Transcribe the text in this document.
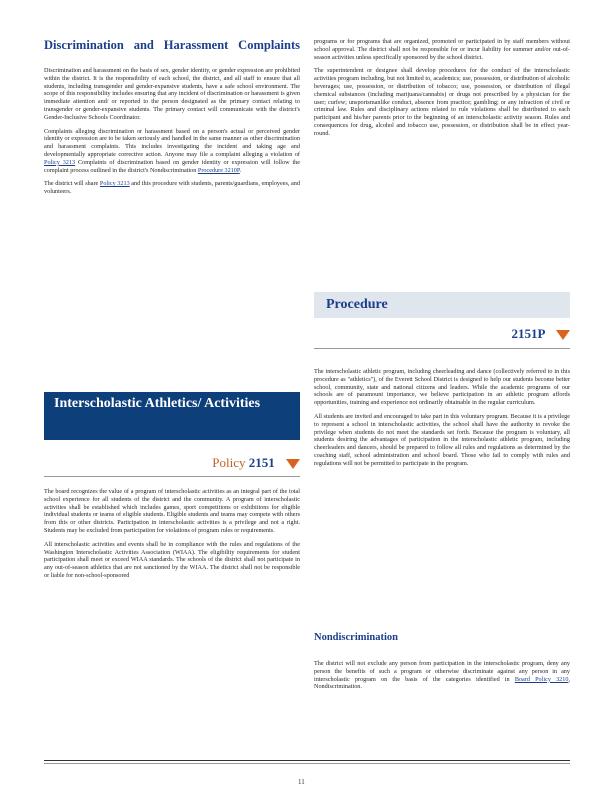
Discrimination and Harassment Complaints

Discrimination and harassment on the basis of sex, gender identity, or gender expression are prohibited within the district. It is the responsibility of each school, the district, and all staff to ensure that all students, including transgender and gender-expansive students, have a safe school environment. The scope of this responsibility includes ensuring that any incident of discrimination or harassment is given immediate attention and/ or reported to the person designated as the primary contact relating to transgender or gender-expansive students. The primary contact will communicate with the district's Gender-Inclusive Schools Coordinator.

Complaints alleging discrimination or harassment based on a person's actual or perceived gender identity or expression are to be taken seriously and handled in the same manner as other discrimination and harassment complaints. This includes investigating the incident and taking age and developmentally appropriate corrective action. Anyone may file a complaint alleging a violation of Policy 3213 Complaints of discrimination based on gender identity or expression will follow the complaint process outlined in the district's Nondiscrimination Procedure 3210P.

The district will share Policy 3213 and this procedure with students, parents/guardians, employees, and volunteers.

Interscholastic Athletics/ Activities
Policy 2151

The board recognizes the value of a program of interscholastic activities as an integral part of the total school experience for all students of the district and the community. A program of interscholastic activities shall be established which includes games, sport competitions or exhibitions for eligible individual students or teams of eligible students. Eligible students and teams may compete with others from this or other districts. Participation in interscholastic activities is a privilege and not a right. Students may be excluded from participation for violations of program rules or requirements.

All interscholastic activities and events shall be in compliance with the rules and regulations of the Washington Interscholastic Activities Association (WIAA). The eligibility requirements for student participation shall meet or exceed WIAA standards. The schools of the district shall not participate in any out-of-season athletics that are not sanctioned by the WIAA. The district shall not be responsible or liable for non-school-sponsored

programs or for programs that are organized, promoted or participated in by staff members without school approval. The district shall not be responsible for or incur liability for summer and/or out-of-season activities unless specifically sponsored by the school district.

The superintendent or designee shall develop procedures for the conduct of the interscholastic activities program including, but not limited to, academics; use, possession, or distribution of alcoholic beverages; use, possession, or distribution of tobacco; use, possession, or distribution of illegal chemical substances (including marijuana/cannabis) or drugs not prescribed by a physician for the user; curfew; unsportsmanlike conduct, absence from practice; gambling; or any infraction of civil or criminal law. Rules and disciplinary actions related to rule violations shall be distributed to each participant and his/her parents prior to the beginning of an interscholastic activity season. Rules and consequences for drug, alcohol and tobacco use, possession, or distribution shall be in effect year-round.

Procedure
2151P

The interscholastic athletic program, including cheerleading and dance (collectively referred to in this procedure as "athletics"), of the Everett School District is designed to help our students become better school, community, state and national citizens and leaders. While the academic programs of our schools are of paramount importance, we believe participation in an athletic program affords opportunities, training and experience not ordinarily obtainable in the regular curriculum.

All students are invited and encouraged to take part in this voluntary program. Because it is a privilege to represent a school in interscholastic activities, the school shall have the authority to revoke the privilege when students do not meet the standards set forth. Because the program is voluntary, all students desiring the advantages of participation in the interscholastic athletic program, including cheerleaders and dancers, should be prepared to follow all rules and regulations as determined by the coaching staff, school administration and school board. Those who fail to comply with rules and regulations will not be permitted to participate in the program.

Nondiscrimination

The district will not exclude any person from participation in the interscholastic program, deny any person the benefits of such a program or otherwise discriminate against any person in any interscholastic program on the basis of the categories identified in Board Policy 3210, Nondiscrimination.

11
